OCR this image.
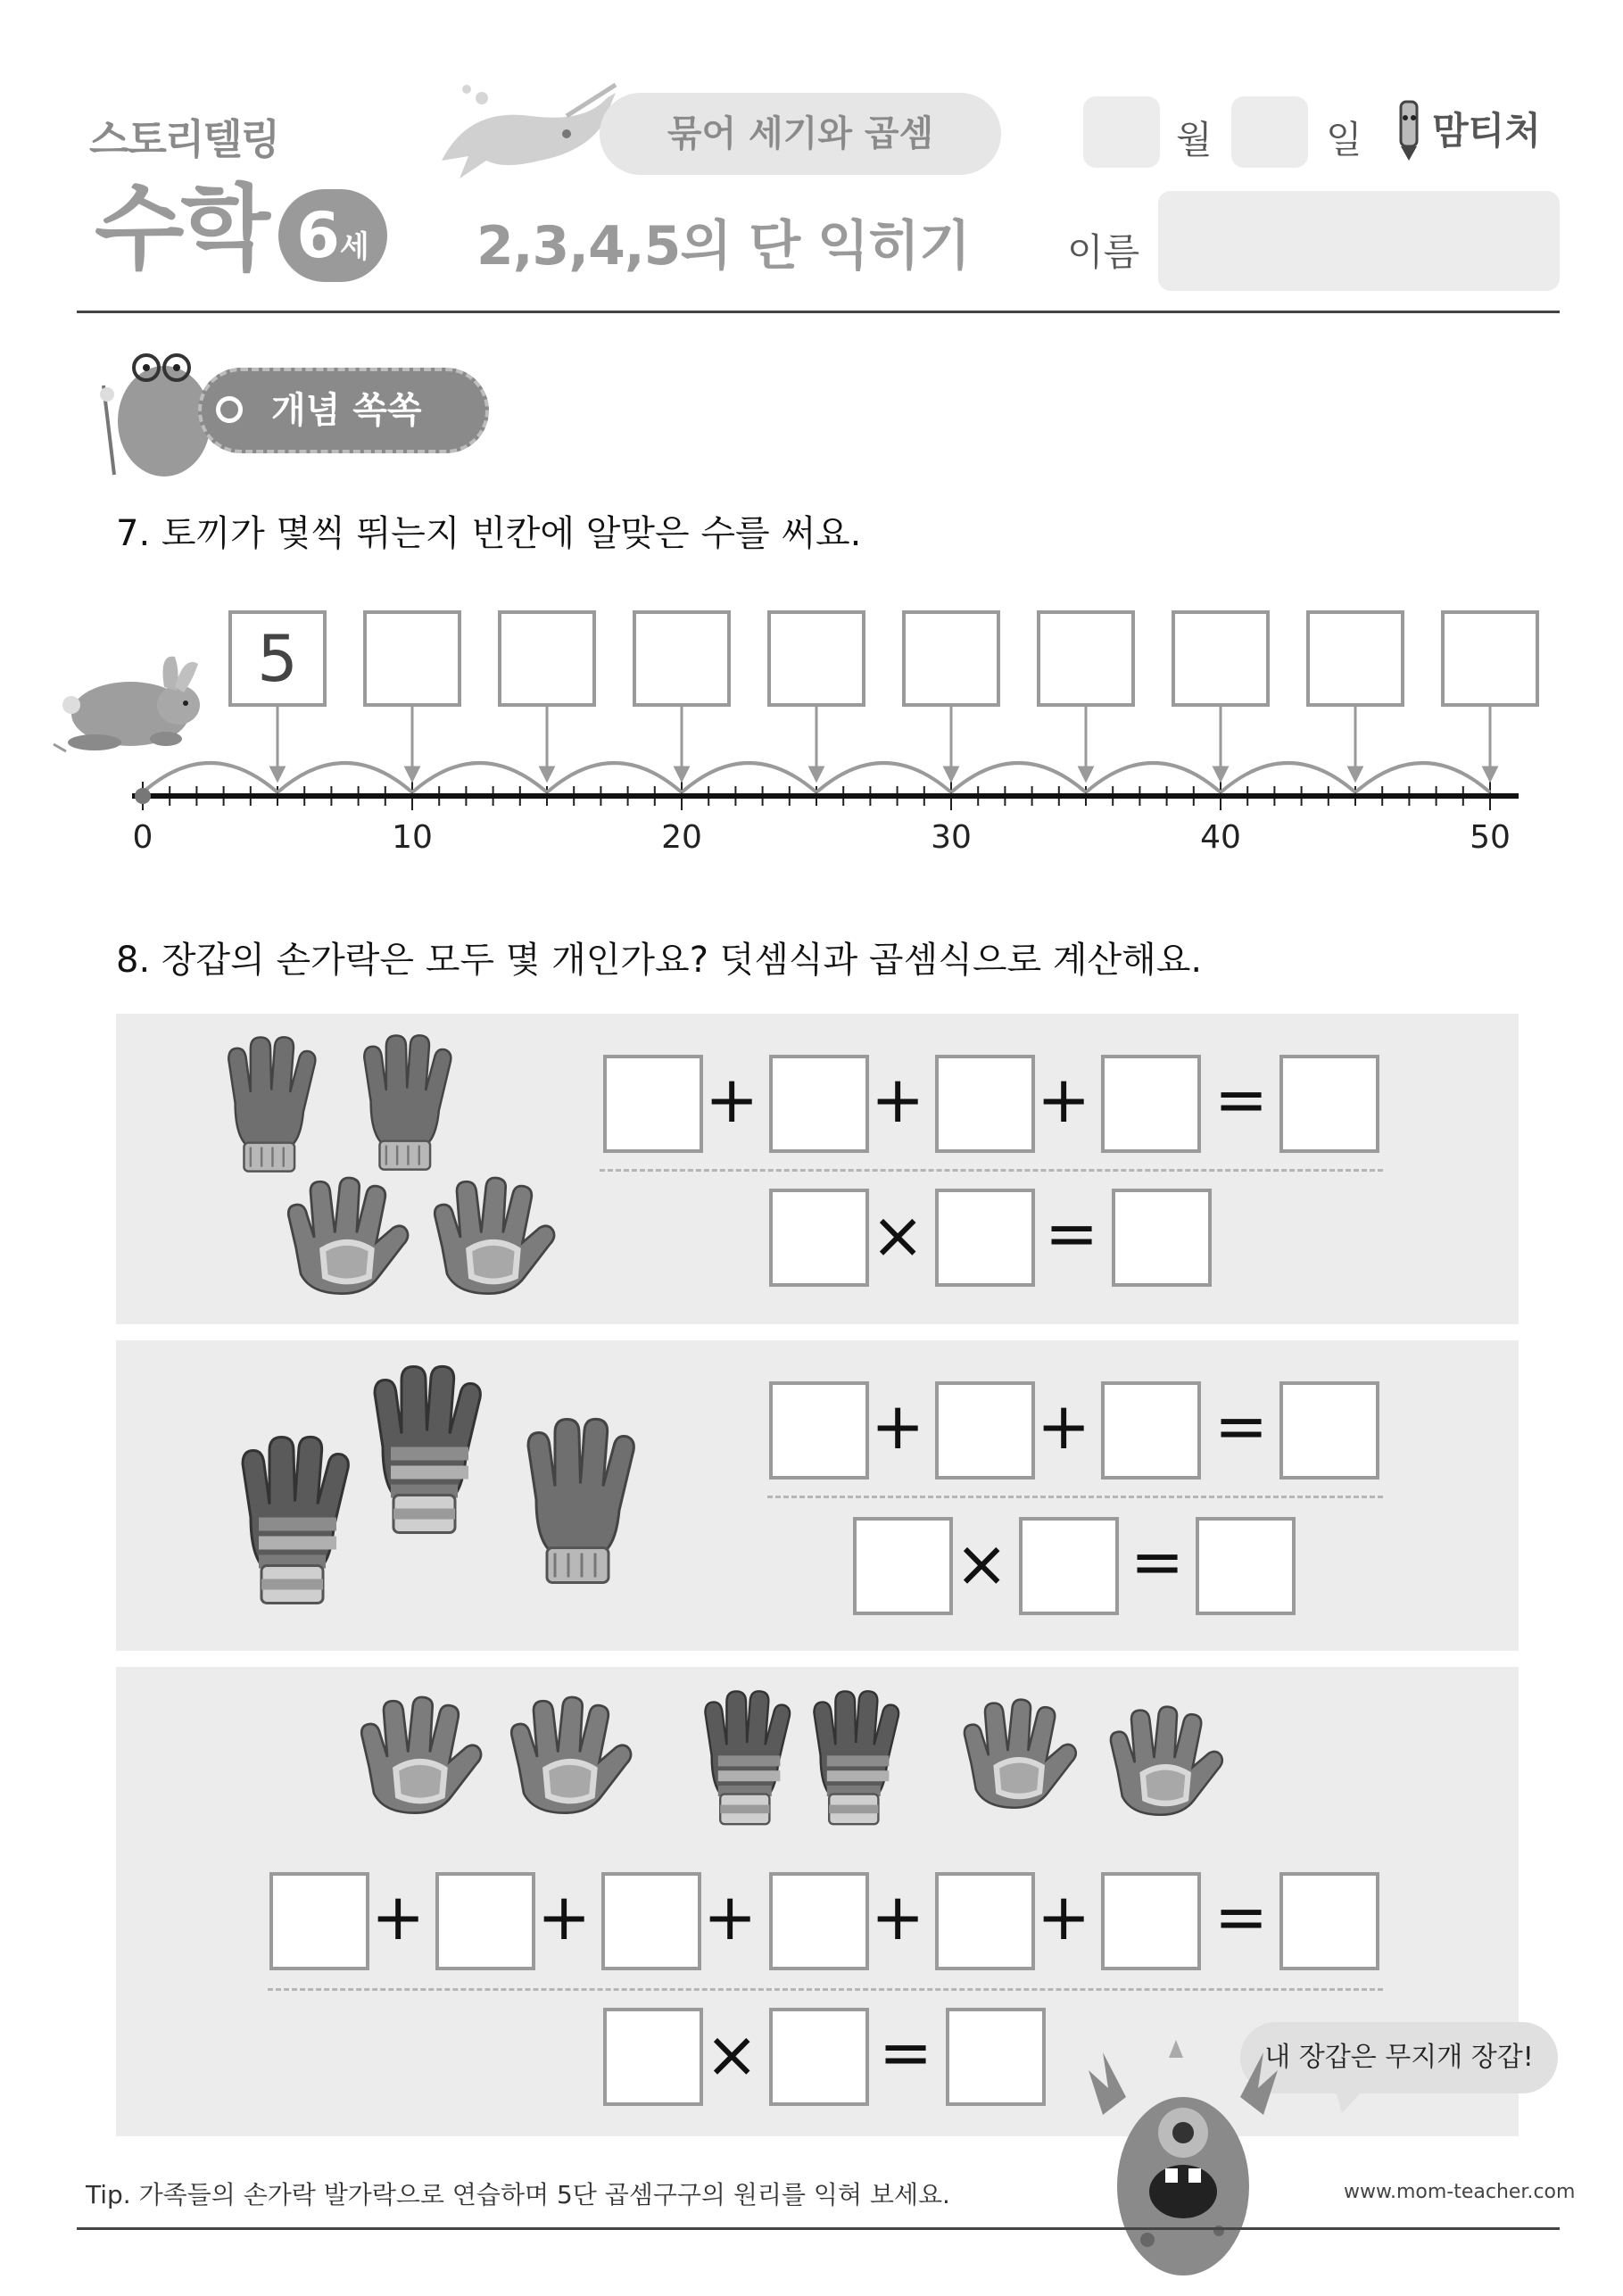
스토리텔링
수학 6세
묶어 세기와 곱셈
2,3,4,5의 단 익히기
월	일	맘티처
이름
개념 쏙쏙
7. 토끼가 몇씩 뛰는지 빈칸에 알맞은 수를 써요.
5
0	10	20	30	40	50
8. 장갑의 손가락은 모두 몇 개인가요? 덧셈식과 곱셈식으로 계산해요.
+ + + =
× =
+ + =
× =
+ + + + + =
× =	내 장갑은 무지개 장갑!
Tip. 가족들의 손가락 발가락으로 연습하며 5단 곱셈구구의 원리를 익혀 보세요.	www.mom-teacher.com
